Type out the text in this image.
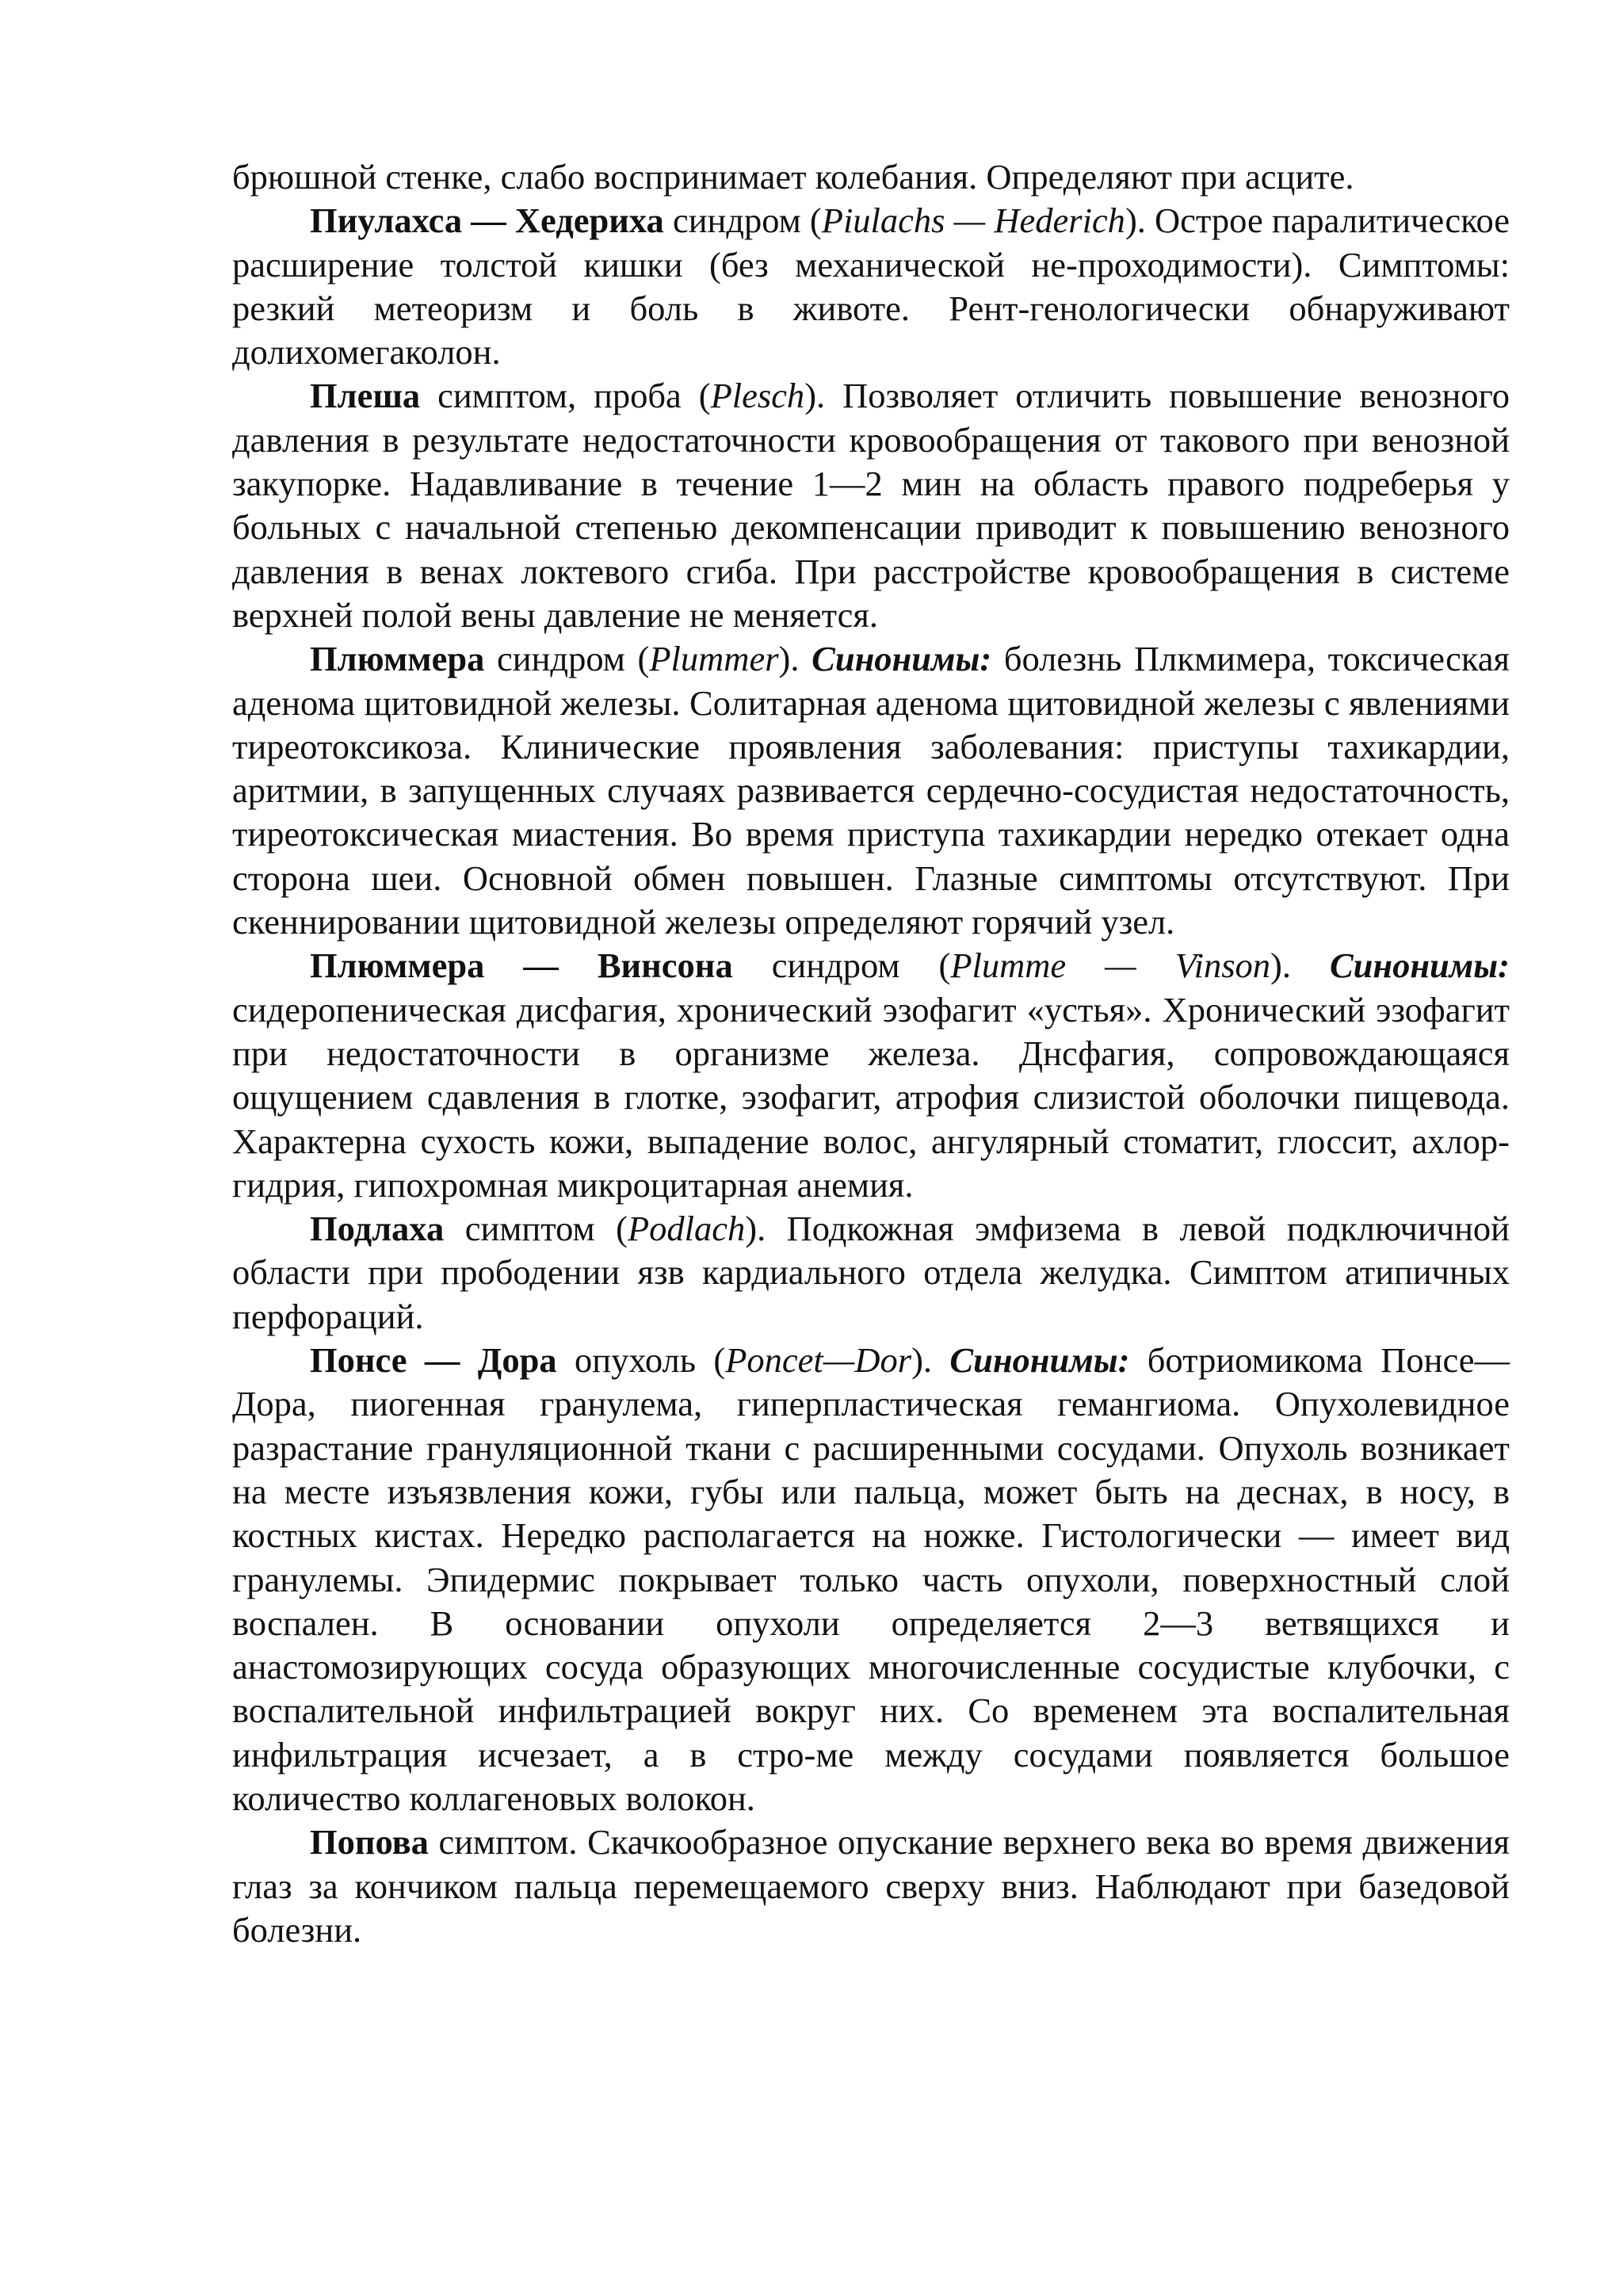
брюшной стенке, слабо воспринимает колебания. Определяют при асците.

Пиулахса — Хедериха синдром (Piulachs — Hederich). Острое паралитическое расширение толстой кишки (без механической не-проходимости). Симптомы: резкий метеоризм и боль в животе. Рент-генологически обнаруживают долихомегаколон.

Плеша симптом, проба (Plesch). Позволяет отличить повышение венозного давления в результате недостаточности кровообращения от такового при венозной закупорке. Надавливание в течение 1—2 мин на область правого подреберья у больных с начальной степенью декомпенсации приводит к повышению венозного давления в венах локтевого сгиба. При расстройстве кровообращения в системе верхней полой вены давление не меняется.

Плюммера синдром (Plummer). Синонимы: болезнь Плкмимера, токсическая аденома щитовидной железы. Солитарная аденома щитовидной железы с явлениями тиреотоксикоза. Клинические проявления заболевания: приступы тахикардии, аритмии, в запущенных случаях развивается сердечно-сосудистая недостаточность, тиреотоксическая миастения. Во время приступа тахикардии нередко отекает одна сторона шеи. Основной обмен повышен. Глазные симптомы отсутствуют. При скеннировании щитовидной железы определяют горячий узел.

Плюммера — Винсона синдром (Plumme — Vinson). Синонимы: сидеропеническая дисфагия, хронический эзофагит «устья». Хронический эзофагит при недостаточности в организме железа. Днсфагия, сопровождающаяся ощущением сдавления в глотке, эзофагит, атрофия слизистой оболочки пищевода. Характерна сухость кожи, выпадение волос, ангулярный стоматит, глоссит, ахлор-гидрия, гипохромная микроцитарная анемия.

Подлаха симптом (Podlach). Подкожная эмфизема в левой подключичной области при прободении язв кардиального отдела желудка. Симптом атипичных перфораций.

Понсе — Дора опухоль (Poncet—Dor). Синонимы: ботриомикома Понсе—Дора, пиогенная гранулема, гиперпластическая гемангиома. Опухолевидное разрастание грануляционной ткани с расширенными сосудами. Опухоль возникает на месте изъязвления кожи, губы или пальца, может быть на деснах, в носу, в костных кистах. Нередко располагается на ножке. Гистологически — имеет вид гранулемы. Эпидермис покрывает только часть опухоли, поверхностный слой воспален. В основании опухоли определяется 2—3 ветвящихся и анастомозирующих сосуда образующих многочисленные сосудистые клубочки, с воспалительной инфильтрацией вокруг них. Со временем эта воспалительная инфильтрация исчезает, а в стро-ме между сосудами появляется большое количество коллагеновых волокон.

Попова симптом. Скачкообразное опускание верхнего века во время движения глаз за кончиком пальца перемещаемого сверху вниз. Наблюдают при базедовой болезни.
